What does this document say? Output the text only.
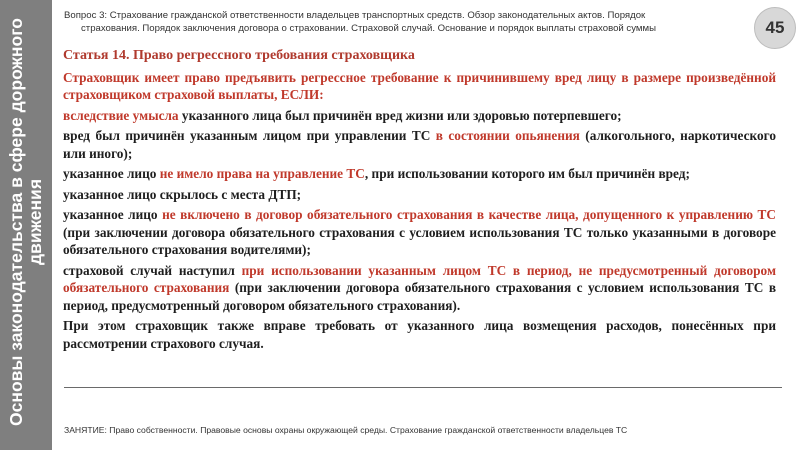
Основы законодательства в сфере дорожного движения
Вопрос 3: Страхование гражданской ответственности владельцев транспортных средств. Обзор законодательных актов. Порядок
страхования. Порядок заключения договора о страховании. Страховой случай. Основание и порядок выплаты страховой суммы	45

Статья 14. Право регрессного требования страховщика

Страховщик имеет право предъявить регрессное требование к причинившему вред лицу в размере произведённой страховщиком страховой выплаты, ЕСЛИ:

вследствие умысла указанного лица был причинён вред жизни или здоровью потерпевшего;

вред был причинён указанным лицом при управлении ТС в состоянии опьянения (алкогольного, наркотического или иного);

указанное лицо не имело права на управление ТС, при использовании которого им был причинён вред;

указанное лицо скрылось с места ДТП;

указанное лицо не включено в договор обязательного страхования в качестве лица, допущенного к управлению ТС (при заключении договора обязательного страхования с условием использования ТС только указанными в договоре обязательного страхования водителями);

страховой случай наступил при использовании указанным лицом ТС в период, не предусмотренный договором обязательного страхования (при заключении договора обязательного страхования с условием использования ТС в период, предусмотренный договором обязательного страхования).

При этом страховщик также вправе требовать от указанного лица возмещения расходов, понесённых при рассмотрении страхового случая.

ЗАНЯТИЕ: Право собственности. Правовые основы охраны окружающей среды. Страхование гражданской ответственности владельцев ТС
